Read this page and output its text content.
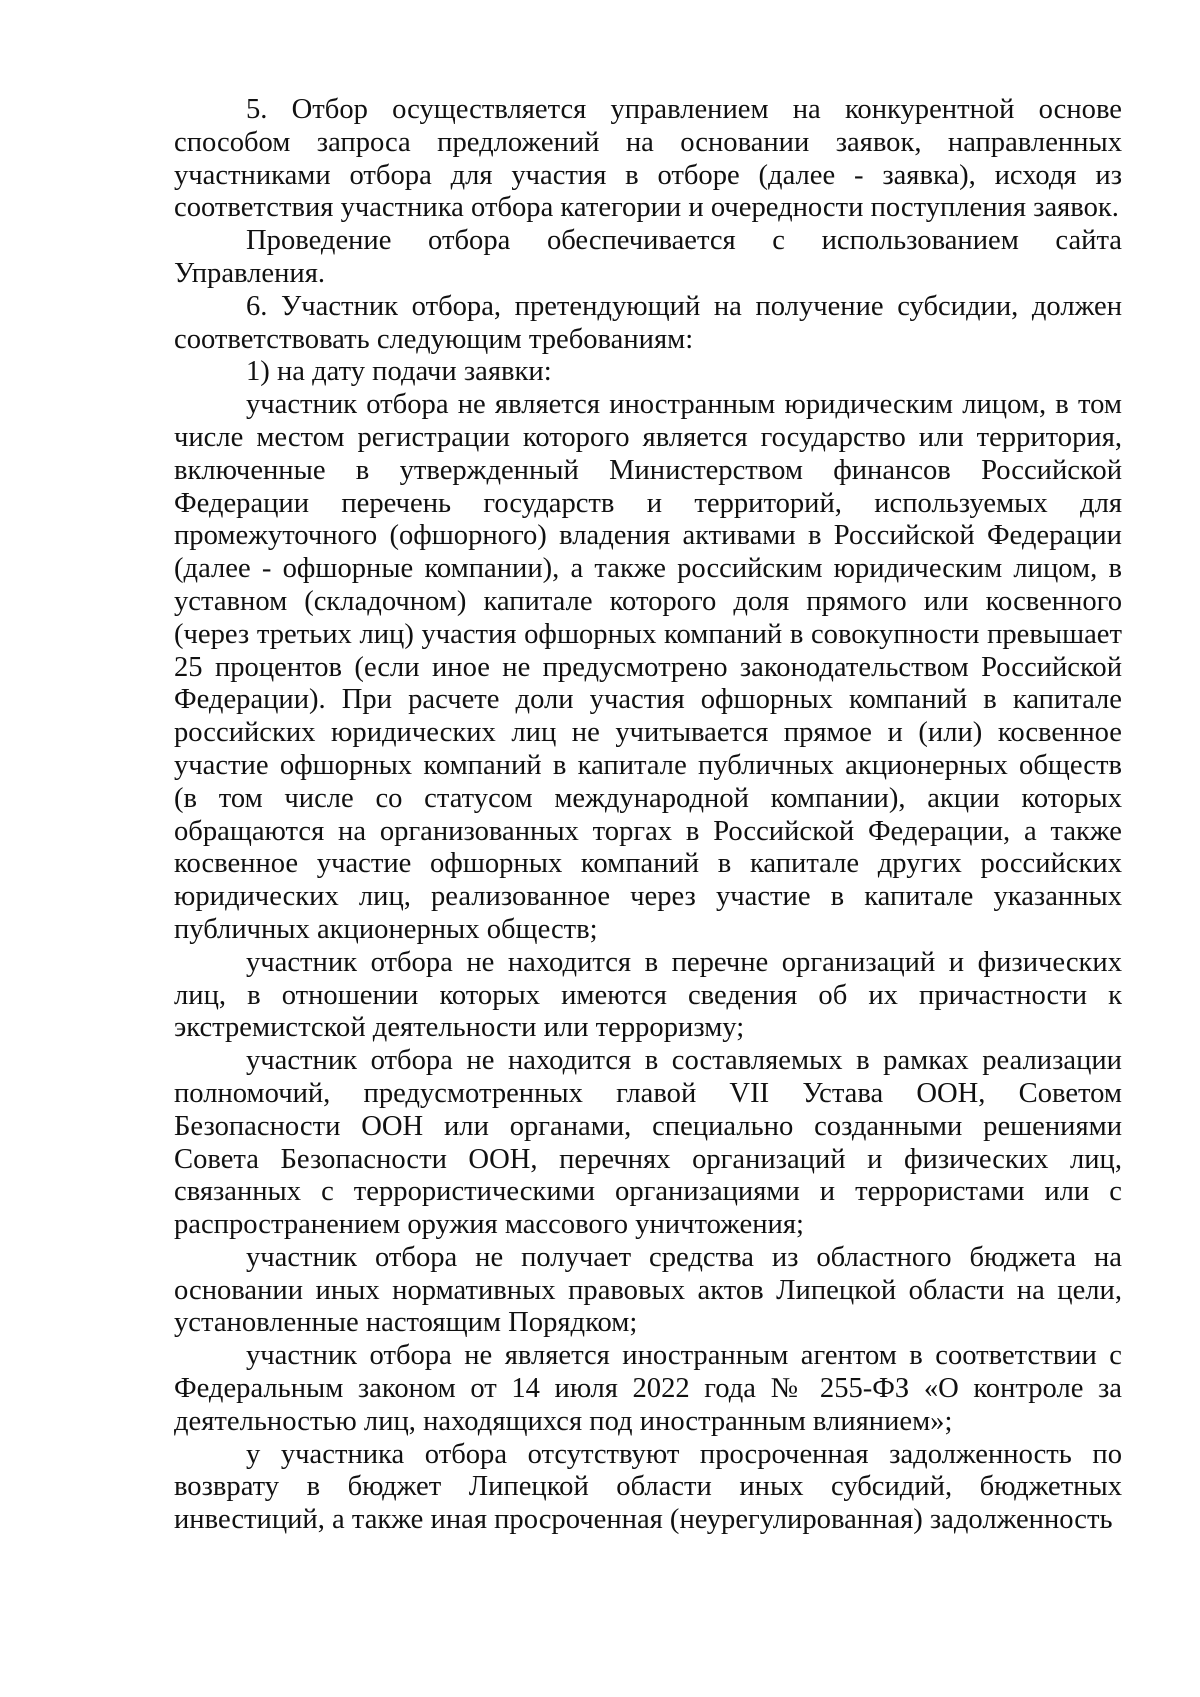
5. Отбор осуществляется управлением на конкурентной основе способом запроса предложений на основании заявок, направленных участниками отбора для участия в отборе (далее - заявка), исходя из соответствия участника отбора категории и очередности поступления заявок.

Проведение отбора обеспечивается с использованием сайта Управления.

6. Участник отбора, претендующий на получение субсидии, должен соответствовать следующим требованиям:

1) на дату подачи заявки:

участник отбора не является иностранным юридическим лицом, в том числе местом регистрации которого является государство или территория, включенные в утвержденный Министерством финансов Российской Федерации перечень государств и территорий, используемых для промежуточного (офшорного) владения активами в Российской Федерации (далее - офшорные компании), а также российским юридическим лицом, в уставном (складочном) капитале которого доля прямого или косвенного (через третьих лиц) участия офшорных компаний в совокупности превышает 25 процентов (если иное не предусмотрено законодательством Российской Федерации). При расчете доли участия офшорных компаний в капитале российских юридических лиц не учитывается прямое и (или) косвенное участие офшорных компаний в капитале публичных акционерных обществ (в том числе со статусом международной компании), акции которых обращаются на организованных торгах в Российской Федерации, а также косвенное участие офшорных компаний в капитале других российских юридических лиц, реализованное через участие в капитале указанных публичных акционерных обществ;

участник отбора не находится в перечне организаций и физических лиц, в отношении которых имеются сведения об их причастности к экстремистской деятельности или терроризму;

участник отбора не находится в составляемых в рамках реализации полномочий, предусмотренных главой VII Устава ООН, Советом Безопасности ООН или органами, специально созданными решениями Совета Безопасности ООН, перечнях организаций и физических лиц, связанных с террористическими организациями и террористами или с распространением оружия массового уничтожения;

участник отбора не получает средства из областного бюджета на основании иных нормативных правовых актов Липецкой области на цели, установленные настоящим Порядком;

участник отбора не является иностранным агентом в соответствии с Федеральным законом от 14 июля 2022 года № 255-ФЗ «О контроле за деятельностью лиц, находящихся под иностранным влиянием»;

у участника отбора отсутствуют просроченная задолженность по возврату в бюджет Липецкой области иных субсидий, бюджетных инвестиций, а также иная просроченная (неурегулированная) задолженность
